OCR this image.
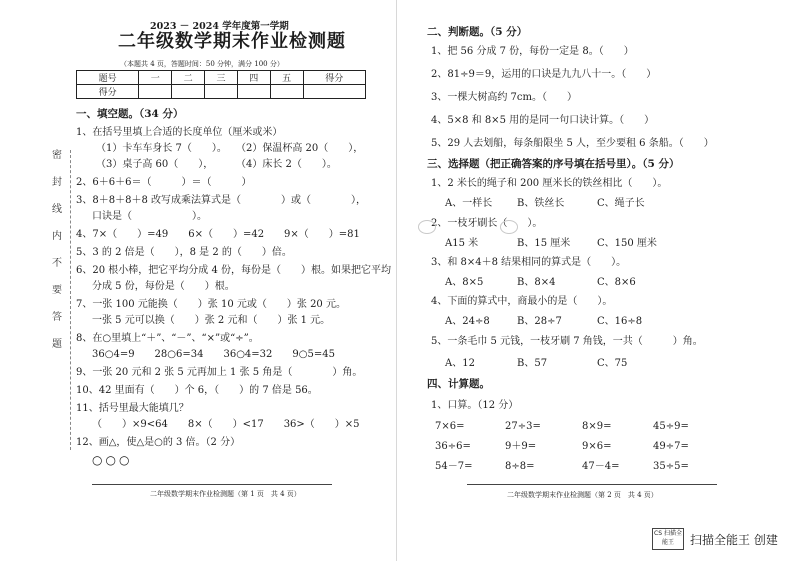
密
封
线
内
不
要
答
题
2023 － 2024 学年度第一学期
二年级数学期末作业检测题
（本题共 4 页，答题时间：50 分钟，满分 100 分）
题号	一	二	三	四	五	得分
得分						
一、填空题。（34 分）
1、在括号里填上合适的长度单位（厘米或米）
（1）卡车车身长 7（　　）。 （2）保温杯高 20（　　），
（3）桌子高 60（　　）， （4）床长 2（　　）。
2、6＋6＋6＝（　　　）＝（　　　）
3、8＋8＋8＋8 改写成乘法算式是（　　　　）或（　　　　），
口诀是（　　　　　　）。
4、7×（　　）=49　　6×（　　）=42　　9×（　　）=81
5、3 的 2 倍是（　　），8 是 2 的（　　）倍。
6、20 根小棒，把它平均分成 4 份，每份是（　　）根。如果把它平均
分成 5 份，每份是（　　）根。
7、一张 100 元能换（　　）张 10 元或（　　）张 20 元。
一张 5 元可以换（　　）张 2 元和（　　）张 1 元。
8、在○里填上“＋”、“－”、“×”或“÷”。
36○4=9　　28○6=34　　36○4=32　　9○5=45
9、一张 20 元和 2 张 5 元再加上 1 张 5 角是（　　　　）角。
10、42 里面有（　　）个 6，（　　）的 7 倍是 56。
11、括号里最大能填几？
（　　）×9<64　　8×（　　）<17　　36>（　　）×5
12、画△，使△是○的 3 倍。（2 分）
○○○
二年级数学期末作业检测题（第 1 页　共 4 页）
二、判断题。（5 分）
1、把 56 分成 7 份，每份一定是 8。（　　）
2、81÷9＝9，运用的口诀是九九八十一。（　　）
3、一棵大树高约 7cm。（　　）
4、5×8 和 8×5 用的是同一句口诀计算。（　　）
5、29 人去划船，每条船限坐 5 人，至少要租 6 条船。（　　）
三、选择题（把正确答案的序号填在括号里）。（5 分）
1、2 米长的绳子和 200 厘米长的铁丝相比（　　）。
A、一样长 B、铁丝长	C、绳子长
2、一枝牙刷长（　　）。
A15 米	B、15 厘米	C、150 厘米
3、和 8×4＋8 结果相同的算式是（　　）。
A、8×5	B、8×4	C、8×6
4、下面的算式中，商最小的是（　　）。
A、24÷8	B、28÷7	C、16÷8
5、一条毛巾 5 元钱，一枝牙刷 7 角钱，一共（　　　）角。
A、12	B、57	C、75
四、计算题。
1、口算。（12 分）
7×6=	27÷3=	8×9=	45÷9=
36÷6=	9＋9=	9×6=	49÷7=
54－7=	8÷8=	47－4=	35÷5=
二年级数学期末作业检测题（第 2 页　共 4 页）
CS 扫描全能王	扫描全能王 创建
